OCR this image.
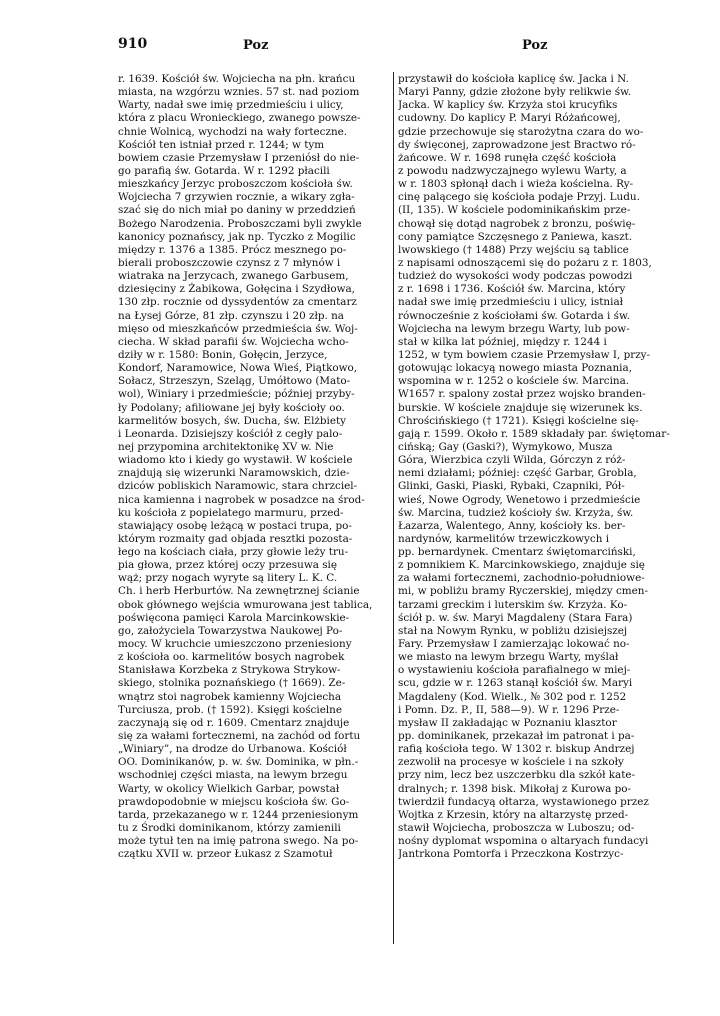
910	Poz	Poz
r. 1639. Kościół św. Wojciecha na płn. krańcu
miasta, na wzgórzu wznies. 57 st. nad poziom
Warty, nadał swe imię przedmieściu i ulicy,
która z placu Wronieckiego, zwanego powsze-
chnie Wolnicą, wychodzi na wały forteczne.
Kościół ten istniał przed r. 1244; w tym
bowiem czasie Przemysław I przeniósł do nie-
go parafią św. Gotarda. W r. 1292 płacili
mieszkańcy Jerzyc proboszczom kościoła św.
Wojciecha 7 grzywien rocznie, a wikary zgła-
szać się do nich miał po daniny w przeddzień
Bożego Narodzenia. Proboszczami byli zwykle
kanonicy poznańscy, jak np. Tyczko z Mogilic
między r. 1376 a 1385. Prócz mesznego po-
bierali proboszczowie czynsz z 7 młynów i
wiatraka na Jerzycach, zwanego Garbusem,
dziesięciny z Żabikowa, Gołęcina i Szydłowa,
130 złp. rocznie od dyssydentów za cmentarz
na Łysej Górze, 81 złp. czynszu i 20 złp. na
mięso od mieszkańców przedmieścia św. Woj-
ciecha. W skład parafii św. Wojciecha wcho-
dziły w r. 1580: Bonin, Gołęcin, Jerzyce,
Kondorf, Naramowice, Nowa Wieś, Piątkowo,
Sołacz, Strzeszyn, Szeląg, Umółtowo (Mato-
wol), Winiary i przedmieście; później przyby-
ły Podolany; afiliowane jej były kościoły oo.
karmelitów bosych, św. Ducha, św. Elżbiety
i Leonarda. Dzisiejszy kościół z cegły palo-
nej przypomina architektonikę XV w. Nie
wiadomo kto i kiedy go wystawił. W kościele
znajdują się wizerunki Naramowskich, dzie-
dziców pobliskich Naramowic, stara chrzciel-
nica kamienna i nagrobek w posadzce na środ-
ku kościoła z popielatego marmuru, przed-
stawiający osobę leżącą w postaci trupa, po-
którym rozmaity gad objada resztki pozosta-
łego na kościach ciała, przy głowie leży tru-
pia głowa, przez której oczy przesuwa się
wąż; przy nogach wyryte są litery L. K. C.
Ch. i herb Herburtów. Na zewnętrznej ścianie
obok głównego wejścia wmurowana jest tablica,
poświęcona pamięci Karola Marcinkowskie-
go, założyciela Towarzystwa Naukowej Po-
mocy. W kruchcie umieszczono przeniesiony
z kościoła oo. karmelitów bosych nagrobek
Stanisława Korzbeka z Strykowa Strykow-
skiego, stolnika poznańskiego († 1669). Ze-
wnątrz stoi nagrobek kamienny Wojciecha
Turciusza, prob. († 1592). Księgi kościelne
zaczynają się od r. 1609. Cmentarz znajduje
się za wałami fortecznemi, na zachód od fortu
„Winiary”, na drodze do Urbanowa. Kościół
OO. Dominikanów, p. w. św. Dominika, w płn.-
wschodniej części miasta, na lewym brzegu
Warty, w okolicy Wielkich Garbar, powstał
prawdopodobnie w miejscu kościoła św. Go-
tarda, przekazanego w r. 1244 przeniesionym
tu z Środki dominikanom, którzy zamienili
może tytuł ten na imię patrona swego. Na po-
czątku XVII w. przeor Łukasz z Szamotuł
przystawił do kościoła kaplicę św. Jacka i N.
Maryi Panny, gdzie złożone były relikwie św.
Jacka. W kaplicy św. Krzyża stoi krucyfiks
cudowny. Do kaplicy P. Maryi Różańcowej,
gdzie przechowuje się starożytna czara do wo-
dy święconej, zaprowadzone jest Bractwo ró-
żańcowe. W r. 1698 runęła część kościoła
z powodu nadzwyczajnego wylewu Warty, a
w r. 1803 spłonął dach i wieża kościelna. Ry-
cinę palącego się kościoła podaje Przyj. Ludu.
(II, 135). W kościele podominikańskim prze-
chowął się dotąd nagrobek z bronzu, poświę-
cony pamiątce Szczęsnego z Paniewa, kaszt.
lwowskiego († 1488) Przy wejściu są tablice
z napisami odnoszącemi się do pożaru z r. 1803,
tudzież do wysokości wody podczas powodzi
z r. 1698 i 1736. Kościół św. Marcina, który
nadał swe imię przedmieściu i ulicy, istniał
równocześnie z kościołami św. Gotarda i św.
Wojciecha na lewym brzegu Warty, lub pow-
stał w kilka lat później, między r. 1244 i
1252, w tym bowiem czasie Przemysław I, przy-
gotowując lokacyą nowego miasta Poznania,
wspomina w r. 1252 o kościele św. Marcina.
W1657 r. spalony został przez wojsko branden-
burskie. W kościele znajduje się wizerunek ks.
Chrościńskiego († 1721). Księgi kościelne się-
gają r. 1599. Około r. 1589 składały par. świętomar-
cińską; Gay (Gaski?), Wymykowo, Musza
Góra, Wierzbica czyli Wilda, Górczyn z róż-
nemi działami; później: część Garbar, Grobla,
Glinki, Gaski, Piaski, Rybaki, Czapniki, Pół-
wieś, Nowe Ogrody, Wenetowo i przedmieście
św. Marcina, tudzież kościoły św. Krzyża, św.
Łazarza, Walentego, Anny, kościoły ks. ber-
nardynów, karmelitów trzewiczkowych i
pp. bernardynek. Cmentarz świętomarciński,
z pomnikiem K. Marcinkowskiego, znajduje się
za wałami fortecznemi, zachodnio-południowe-
mi, w pobliżu bramy Ryczerskiej, między cmen-
tarzami greckim i luterskim św. Krzyża. Ko-
ściół p. w. św. Maryi Magdaleny (Stara Fara)
stał na Nowym Rynku, w pobliżu dzisiejszej
Fary. Przemysław I zamierzając lokować no-
we miasto na lewym brzegu Warty, myślał
o wystawieniu kościoła parafialnego w miej-
scu, gdzie w r. 1263 stanął kościół św. Maryi
Magdaleny (Kod. Wielk., № 302 pod r. 1252
i Pomn. Dz. P., II, 588—9). W r. 1296 Prze-
mysław II zakładając w Poznaniu klasztor
pp. dominikanek, przekazał im patronat i pa-
rafią kościoła tego. W 1302 r. biskup Andrzej
zezwolił na procesye w kościele i na szkoły
przy nim, lecz bez uszczerbku dla szkół kate-
dralnych; r. 1398 bisk. Mikołaj z Kurowa po-
twierdził fundacyą ołtarza, wystawionego przez
Wojtka z Krzesin, który na altarzystę przed-
stawił Wojciecha, proboszcza w Luboszu; od-
nośny dyplomat wspomina o altaryach fundacyi
Jantrkona Pomtorfa i Przeczkona Kostrzyc-
